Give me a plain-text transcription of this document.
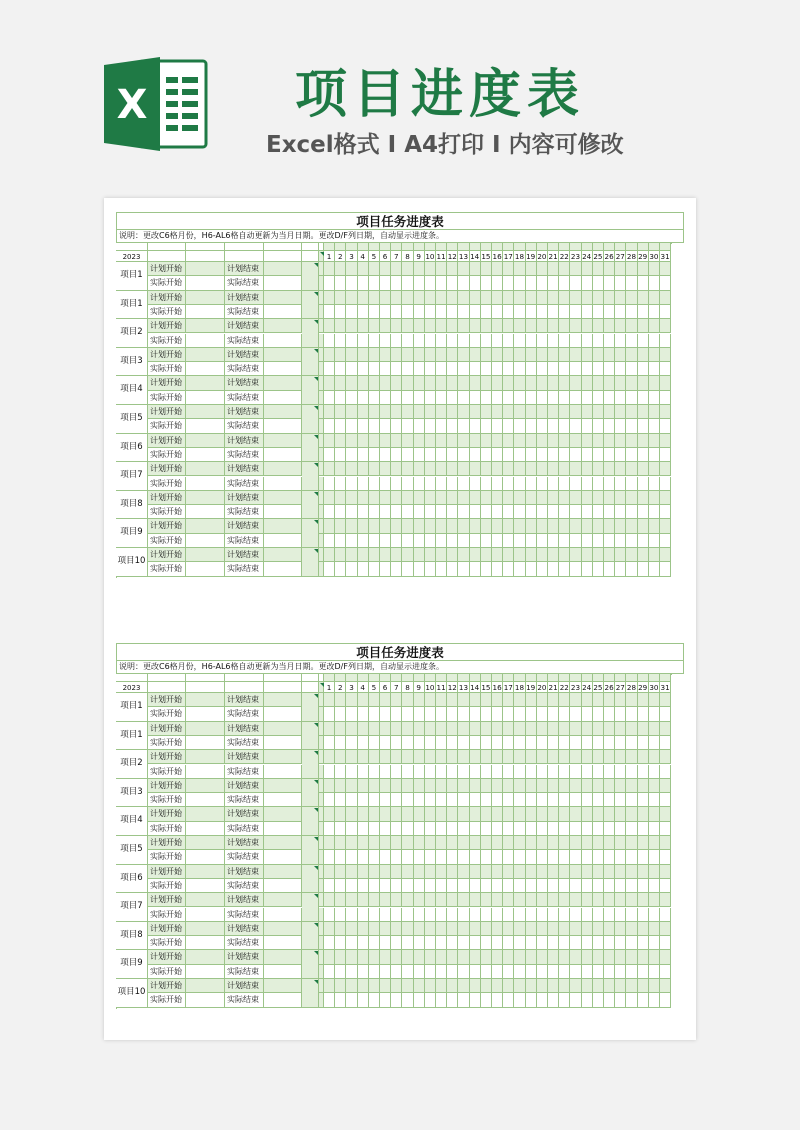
X	项目进度表
Excel格式 I A4打印 I 内容可修改
项目任务进度表
说明：更改C6格月份，H6-AL6格自动更新为当月日期。更改D/F列日期，自动显示进度条。
2023	1 2 3 4 5 6 7 8 9 10 11 12 13 14 15 16 17 18 19 20 21 22 23 24 25 26 27 28 29 30 31
项目1
计划开始	计划结束
实际开始	实际结束
项目1
计划开始	计划结束
实际开始	实际结束
项目2
计划开始	计划结束
实际开始	实际结束
项目3
计划开始	计划结束
实际开始	实际结束
项目4
计划开始	计划结束
实际开始	实际结束
项目5
计划开始	计划结束
实际开始	实际结束
项目6
计划开始	计划结束
实际开始	实际结束
项目7
计划开始	计划结束
实际开始	实际结束
项目8
计划开始	计划结束
实际开始	实际结束
项目9
计划开始	计划结束
实际开始	实际结束
项目10
计划开始	计划结束
实际开始	实际结束
项目任务进度表
说明：更改C6格月份，H6-AL6格自动更新为当月日期。更改D/F列日期，自动显示进度条。
2023	1 2 3 4 5 6 7 8 9 10 11 12 13 14 15 16 17 18 19 20 21 22 23 24 25 26 27 28 29 30 31
项目1
计划开始	计划结束
实际开始	实际结束
项目1
计划开始	计划结束
实际开始	实际结束
项目2
计划开始	计划结束
实际开始	实际结束
项目3
计划开始	计划结束
实际开始	实际结束
项目4
计划开始	计划结束
实际开始	实际结束
项目5
计划开始	计划结束
实际开始	实际结束
项目6
计划开始	计划结束
实际开始	实际结束
项目7
计划开始	计划结束
实际开始	实际结束
项目8
计划开始	计划结束
实际开始	实际结束
项目9
计划开始	计划结束
实际开始	实际结束
项目10
计划开始	计划结束
实际开始	实际结束
